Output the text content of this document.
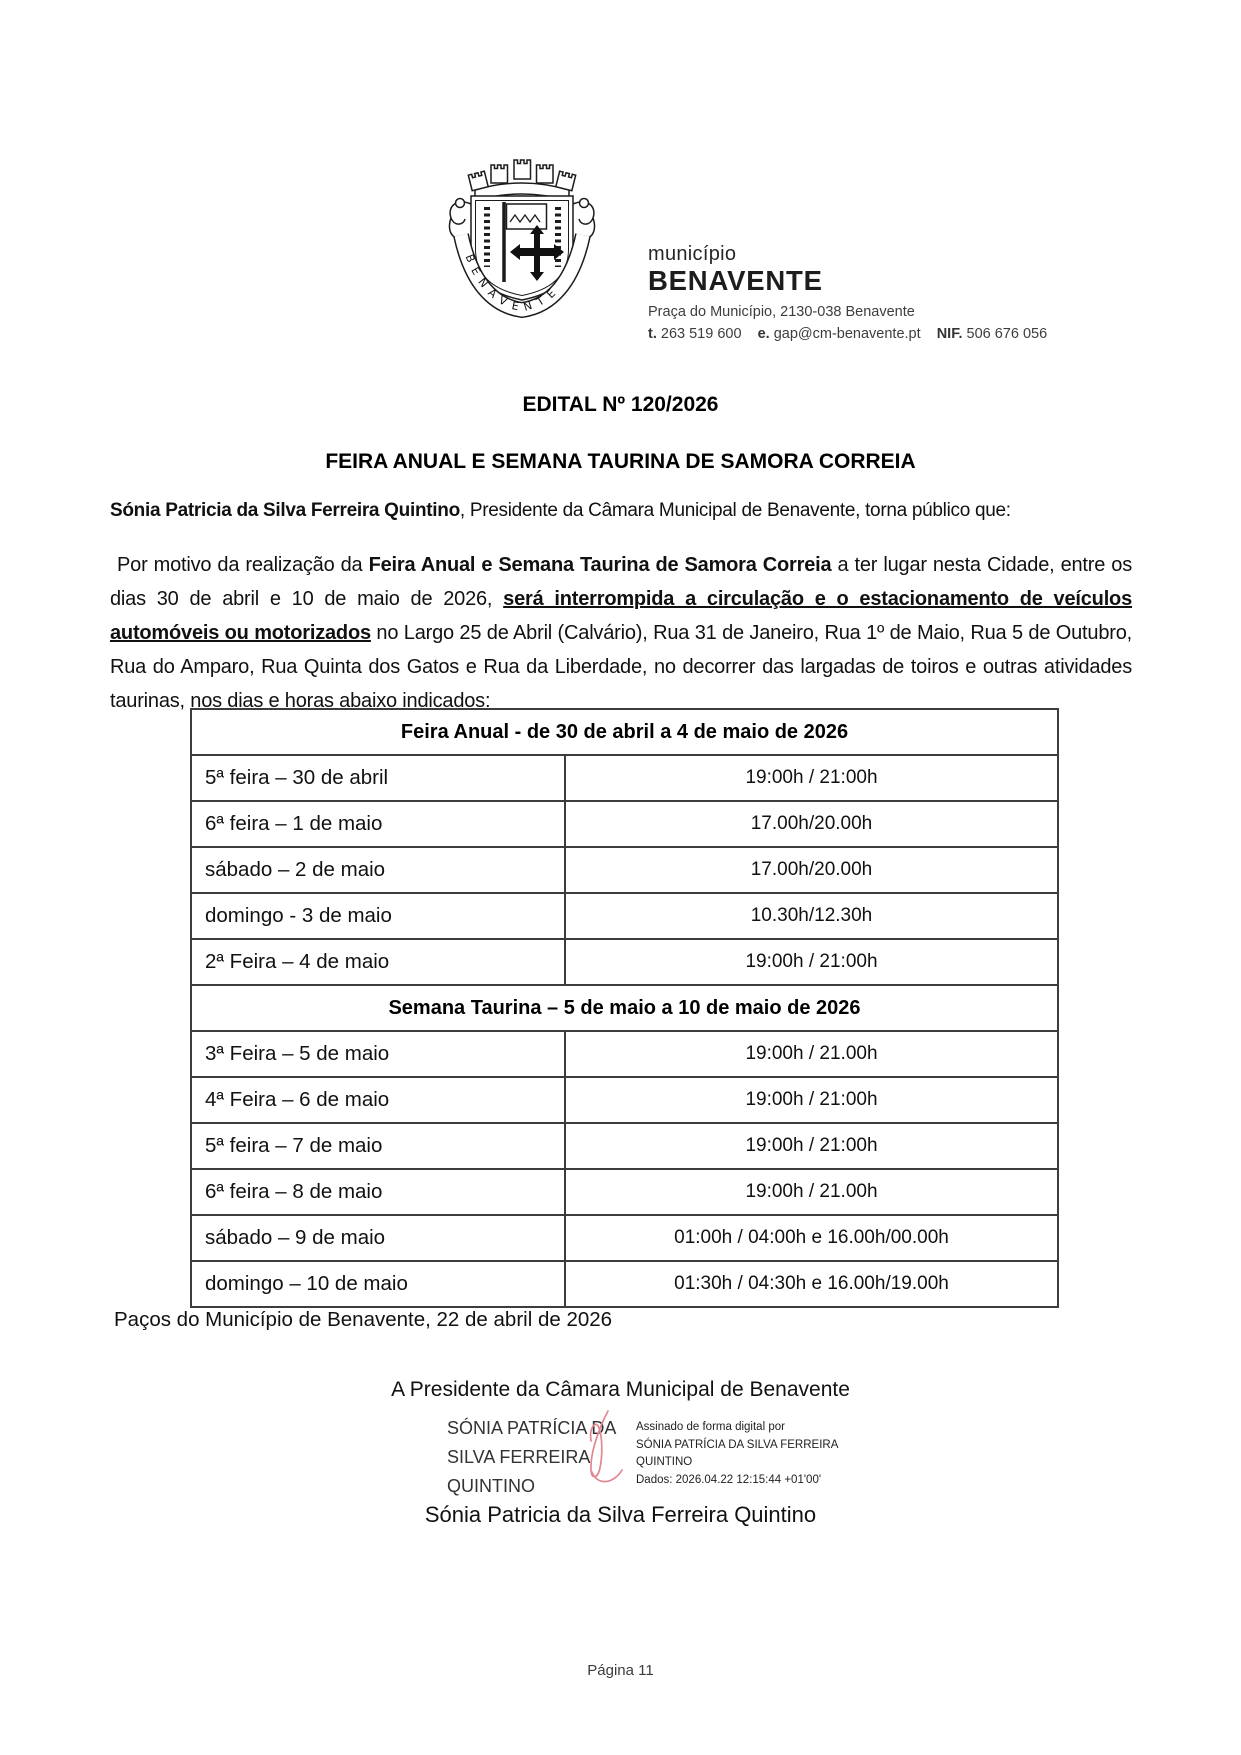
BENAVENTE
município
BENAVENTE
Praça do Município, 2130-038 Benavente
t. 263 519 600 e. gap@cm-benavente.pt NIF. 506 676 056
EDITAL Nº 120/2026
FEIRA ANUAL E SEMANA TAURINA DE SAMORA CORREIA
Sónia Patricia da Silva Ferreira Quintino, Presidente da Câmara Municipal de Benavente, torna público que:
Por motivo da realização da Feira Anual e Semana Taurina de Samora Correia a ter lugar nesta Cidade, entre os dias 30 de abril e 10 de maio de 2026, será interrompida a circulação e o estacionamento de veículos automóveis ou motorizados no Largo 25 de Abril (Calvário), Rua 31 de Janeiro, Rua 1º de Maio, Rua 5 de Outubro, Rua do Amparo, Rua Quinta dos Gatos e Rua da Liberdade, no decorrer das largadas de toiros e outras atividades taurinas, nos dias e horas abaixo indicados:
Feira Anual - de 30 de abril a 4 de maio de 2026	
5ª feira – 30 de abril	19:00h / 21:00h
6ª feira – 1 de maio	17.00h/20.00h
sábado – 2 de maio	17.00h/20.00h
domingo - 3 de maio	10.30h/12.30h
2ª Feira – 4 de maio	19:00h / 21:00h
Semana Taurina – 5 de maio a 10 de maio de 2026	
3ª Feira – 5 de maio	19:00h / 21.00h
4ª Feira – 6 de maio	19:00h / 21:00h
5ª feira – 7 de maio	19:00h / 21:00h
6ª feira – 8 de maio	19:00h / 21.00h
sábado – 9 de maio	01:00h / 04:00h e 16.00h/00.00h
domingo – 10 de maio	01:30h / 04:30h e 16.00h/19.00h
Paços do Município de Benavente, 22 de abril de 2026
A Presidente da Câmara Municipal de Benavente
SÓNIA PATRÍCIA DA
SILVA FERREIRA
QUINTINO
Assinado de forma digital por
SÓNIA PATRÍCIA DA SILVA FERREIRA
QUINTINO
Dados: 2026.04.22 12:15:44 +01'00'
Sónia Patricia da Silva Ferreira Quintino
Página 11
